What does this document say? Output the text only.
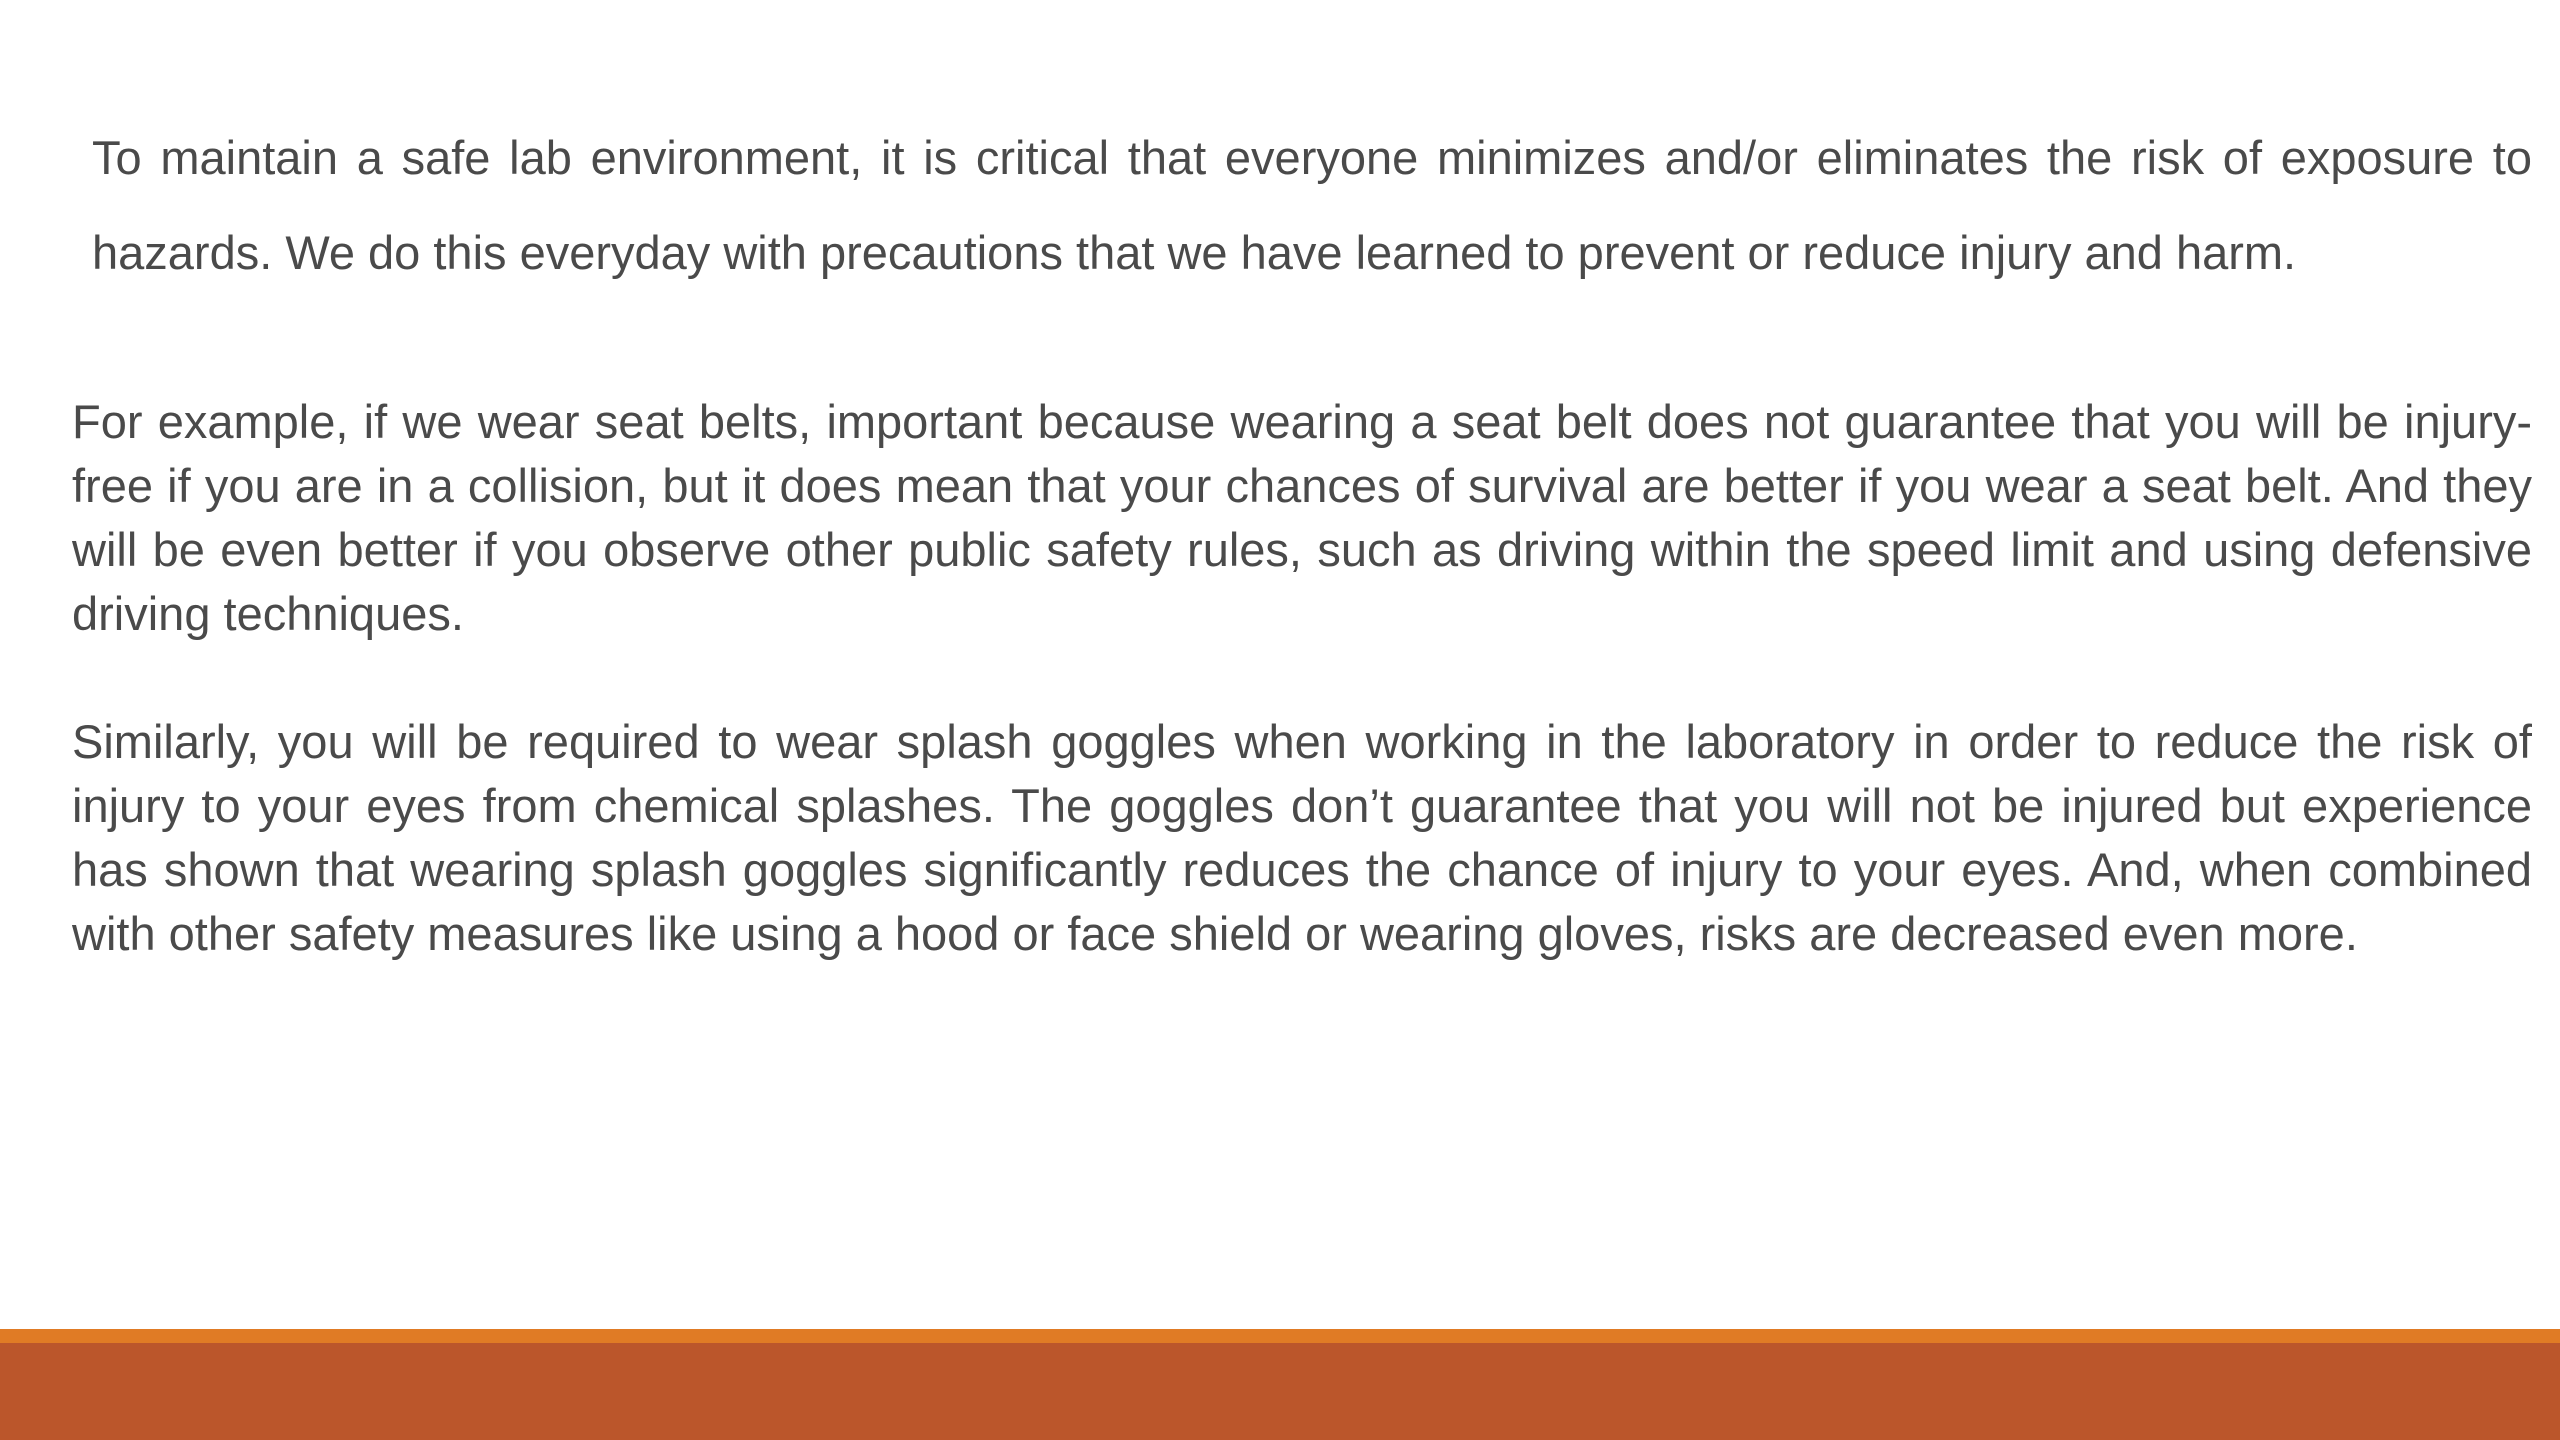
To maintain a safe lab environment, it is critical that everyone minimizes and/or eliminates the risk of exposure to hazards. We do this everyday with precautions that we have learned to prevent or reduce injury and harm.

For example, if we wear seat belts, important because wearing a seat belt does not guarantee that you will be injury-free if you are in a collision, but it does mean that your chances of survival are better if you wear a seat belt. And they will be even better if you observe other public safety rules, such as driving within the speed limit and using defensive driving techniques.

Similarly, you will be required to wear splash goggles when working in the laboratory in order to reduce the risk of injury to your eyes from chemical splashes. The goggles don’t guarantee that you will not be injured but experience has shown that wearing splash goggles significantly reduces the chance of injury to your eyes. And, when combined with other safety measures like using a hood or face shield or wearing gloves, risks are decreased even more.
